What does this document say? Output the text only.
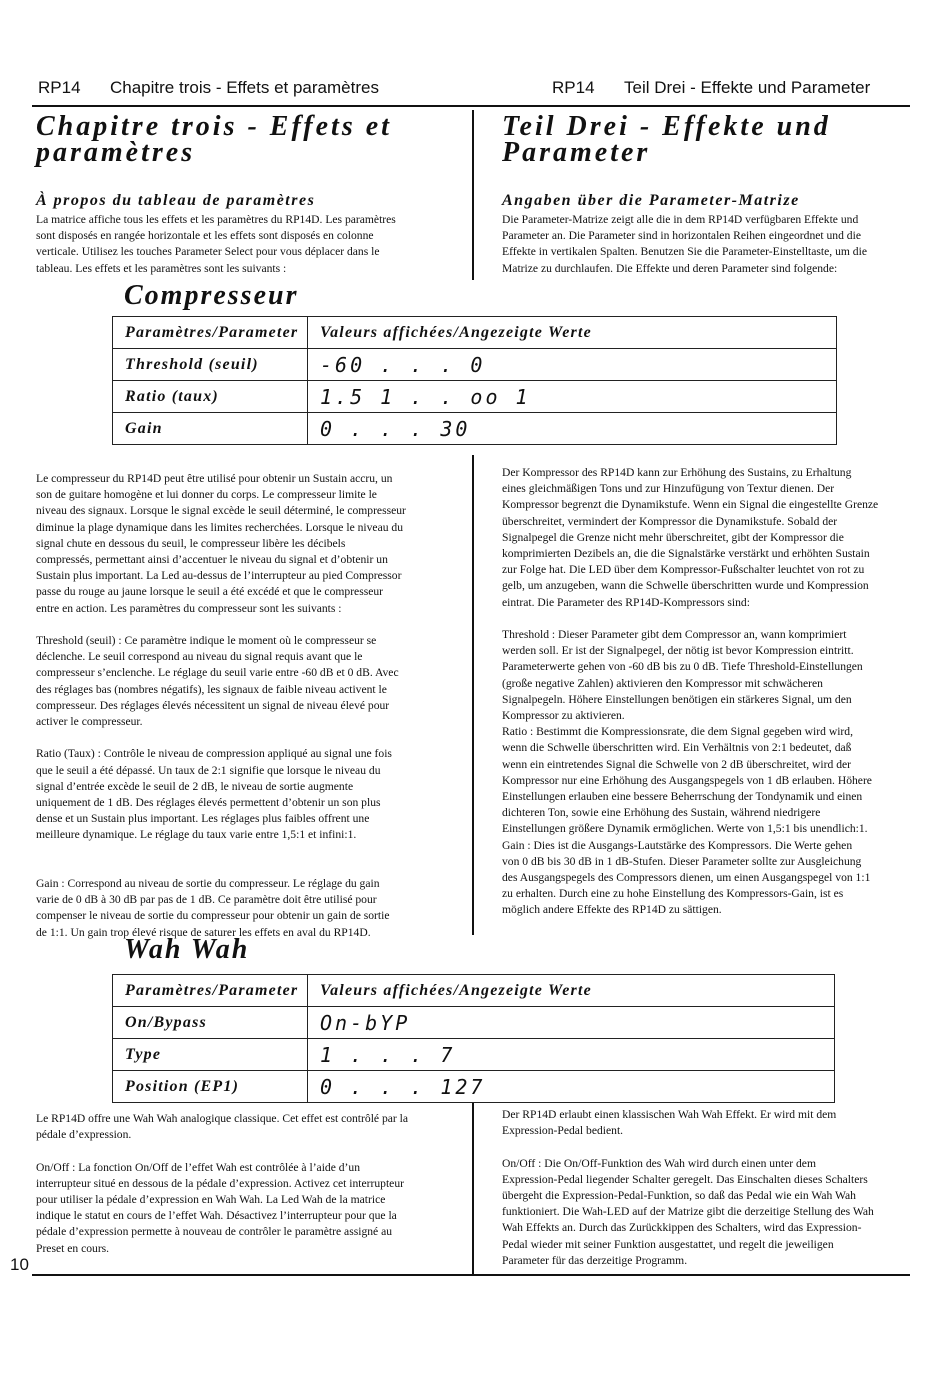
RP14 Chapitre trois - Effets et paramètres	RP14 Teil Drei - Effekte und Parameter
Chapitre trois - Effets et
paramètres
Teil Drei - Effekte und
Parameter
À propos du tableau de paramètres
La matrice affiche tous les effets et les paramètres du RP14D. Les paramètres
sont disposés en rangée horizontale et les effets sont disposés en colonne
verticale. Utilisez les touches Parameter Select pour vous déplacer dans le
tableau. Les effets et les paramètres sont les suivants :
Angaben über die Parameter-Matrize
Die Parameter-Matrize zeigt alle die in dem RP14D verfügbaren Effekte und
Parameter an. Die Parameter sind in horizontalen Reihen eingeordnet und die
Effekte in vertikalen Spalten. Benutzen Sie die Parameter-Einstelltaste, um die
Matrize zu durchlaufen. Die Effekte und deren Parameter sind folgende:
Compresseur
Paramètres/Parameter	Valeurs affichées/Angezeigte Werte
Threshold (seuil)	-60 . . . 0
Ratio (taux)	1.5 1 . . oo 1
Gain	0 . . . 30
Le compresseur du RP14D peut être utilisé pour obtenir un Sustain accru, un
son de guitare homogène et lui donner du corps. Le compresseur limite le
niveau des signaux. Lorsque le signal excède le seuil déterminé, le compresseur
diminue la plage dynamique dans les limites recherchées. Lorsque le niveau du
signal chute en dessous du seuil, le compresseur libère les décibels
compressés, permettant ainsi d’accentuer le niveau du signal et d’obtenir un
Sustain plus important. La Led au-dessus de l’interrupteur au pied Compressor
passe du rouge au jaune lorsque le seuil a été excédé et que le compresseur
entre en action. Les paramètres du compresseur sont les suivants :

Threshold (seuil) : Ce paramètre indique le moment où le compresseur se
déclenche. Le seuil correspond au niveau du signal requis avant que le
compresseur s’enclenche. Le réglage du seuil varie entre -60 dB et 0 dB. Avec
des réglages bas (nombres négatifs), les signaux de faible niveau activent le
compresseur. Des réglages élevés nécessitent un signal de niveau élevé pour
activer le compresseur.

Ratio (Taux) : Contrôle le niveau de compression appliqué au signal une fois
que le seuil a été dépassé. Un taux de 2:1 signifie que lorsque le niveau du
signal d’entrée excède le seuil de 2 dB, le niveau de sortie augmente
uniquement de 1 dB. Des réglages élevés permettent d’obtenir un son plus
dense et un Sustain plus important. Les réglages plus faibles offrent une
meilleure dynamique. Le réglage du taux varie entre 1,5:1 et infini:1.

Gain : Correspond au niveau de sortie du compresseur. Le réglage du gain
varie de 0 dB à 30 dB par pas de 1 dB. Ce paramètre doit être utilisé pour
compenser le niveau de sortie du compresseur pour obtenir un gain de sortie
de 1:1. Un gain trop élevé risque de saturer les effets en aval du RP14D.
Der Kompressor des RP14D kann zur Erhöhung des Sustains, zu Erhaltung
eines gleichmäßigen Tons und zur Hinzufügung von Textur dienen. Der
Kompressor begrenzt die Dynamikstufe. Wenn ein Signal die eingestellte Grenze
überschreitet, vermindert der Kompressor die Dynamikstufe. Sobald der
Signalpegel die Grenze nicht mehr überschreitet, gibt der Kompressor die
komprimierten Dezibels an, die die Signalstärke verstärkt und erhöhten Sustain
zur Folge hat. Die LED über dem Kompressor-Fußschalter leuchtet von rot zu
gelb, um anzugeben, wann die Schwelle überschritten wurde und Kompression
eintrat. Die Parameter des RP14D-Kompressors sind:

Threshold : Dieser Parameter gibt dem Compressor an, wann komprimiert
werden soll. Er ist der Signalpegel, der nötig ist bevor Kompression eintritt.
Parameterwerte gehen von -60 dB bis zu 0 dB. Tiefe Threshold-Einstellungen
(große negative Zahlen) aktivieren den Kompressor mit schwächeren
Signalpegeln. Höhere Einstellungen benötigen ein stärkeres Signal, um den
Kompressor zu aktivieren.
Ratio : Bestimmt die Kompressionsrate, die dem Signal gegeben wird wird,
wenn die Schwelle überschritten wird. Ein Verhältnis von 2:1 bedeutet, daß
wenn ein eintretendes Signal die Schwelle von 2 dB überschreitet, wird der
Kompressor nur eine Erhöhung des Ausgangspegels von 1 dB erlauben. Höhere
Einstellungen erlauben eine bessere Beherrschung der Tondynamik und einen
dichteren Ton, sowie eine Erhöhung des Sustain, während niedrigere
Einstellungen größere Dynamik ermöglichen. Werte von 1,5:1 bis unendlich:1.
Gain : Dies ist die Ausgangs-Lautstärke des Kompressors. Die Werte gehen
von 0 dB bis 30 dB in 1 dB-Stufen. Dieser Parameter sollte zur Ausgleichung
des Ausgangspegels des Compressors dienen, um einen Ausgangspegel von 1:1
zu erhalten. Durch eine zu hohe Einstellung des Kompressors-Gain, ist es
möglich andere Effekte des RP14D zu sättigen.
Wah Wah
Paramètres/Parameter	Valeurs affichées/Angezeigte Werte
On/Bypass	On-bYP
Type	1 . . . 7
Position (EP1)	0 . . . 127
Le RP14D offre une Wah Wah analogique classique. Cet effet est contrôlé par la
pédale d’expression.

On/Off : La fonction On/Off de l’effet Wah est contrôlée à l’aide d’un
interrupteur situé en dessous de la pédale d’expression. Activez cet interrupteur
pour utiliser la pédale d’expression en Wah Wah. La Led Wah de la matrice
indique le statut en cours de l’effet Wah. Désactivez l’interrupteur pour que la
pédale d’expression permette à nouveau de contrôler le paramètre assigné au
Preset en cours.
Der RP14D erlaubt einen klassischen Wah Wah Effekt. Er wird mit dem
Expression-Pedal bedient.

On/Off : Die On/Off-Funktion des Wah wird durch einen unter dem
Expression-Pedal liegender Schalter geregelt. Das Einschalten dieses Schalters
übergeht die Expression-Pedal-Funktion, so daß das Pedal wie ein Wah Wah
funktioniert. Die Wah-LED auf der Matrize gibt die derzeitige Stellung des Wah
Wah Effekts an. Durch das Zurückkippen des Schalters, wird das Expression-
Pedal wieder mit seiner Funktion ausgestattet, und regelt die jeweiligen
Parameter für das derzeitige Programm.
10
